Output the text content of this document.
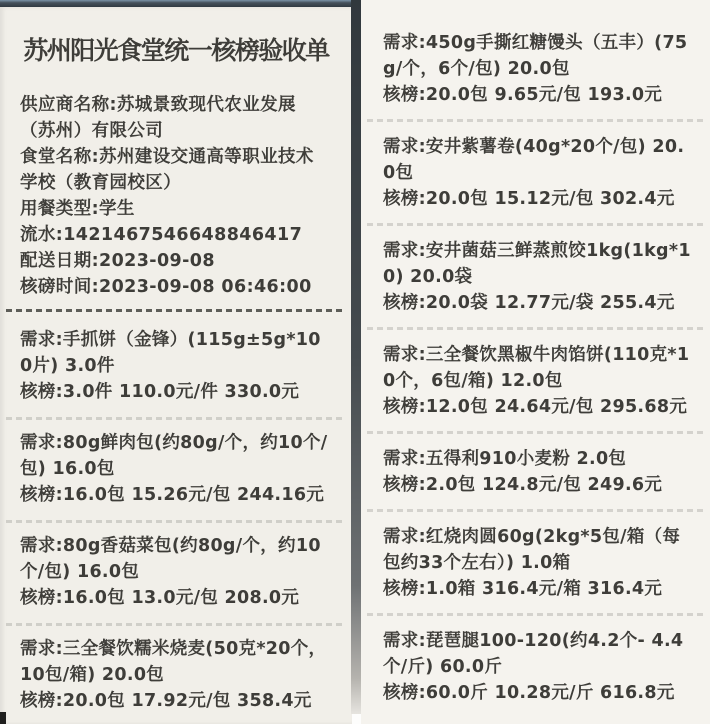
苏州阳光食堂统一核榜验收单
供应商名称:苏城景致现代农业发展（苏州）有限公司
食堂名称:苏州建设交通高等职业技术学校（教育园校区）
用餐类型:学生
流水:1421467546648846417
配送日期:2023-09-08
核磅时间:2023-09-08 06:46:00
需求:手抓饼（金锋）(115g±5g*100片) 3.0件
核榜:3.0件 110.0元/件 330.0元
需求:80g鲜肉包(约80g/个，约10个/包) 16.0包
核榜:16.0包 15.26元/包 244.16元
需求:80g香菇菜包(约80g/个，约10个/包) 16.0包
核榜:16.0包 13.0元/包 208.0元
需求:三全餐饮糯米烧麦(50克*20个，10包/箱) 20.0包
核榜:20.0包 17.92元/包 358.4元
需求:450g手撕红糖馒头（五丰）(75g/个，6个/包) 20.0包
核榜:20.0包 9.65元/包 193.0元
需求:安井紫薯卷(40g*20个/包) 20.0包
核榜:20.0包 15.12元/包 302.4元
需求:安井菌菇三鲜蒸煎饺1kg(1kg*10) 20.0袋
核榜:20.0袋 12.77元/袋 255.4元
需求:三全餐饮黑椒牛肉馅饼(110克*10个，6包/箱) 12.0包
核榜:12.0包 24.64元/包 295.68元
需求:五得利910小麦粉 2.0包
核榜:2.0包 124.8元/包 249.6元
需求:红烧肉圆60g(2kg*5包/箱（每包约33个左右）) 1.0箱
核榜:1.0箱 316.4元/箱 316.4元
需求:琵琶腿100-120(约4.2个- 4.4个/斤) 60.0斤
核榜:60.0斤 10.28元/斤 616.8元
